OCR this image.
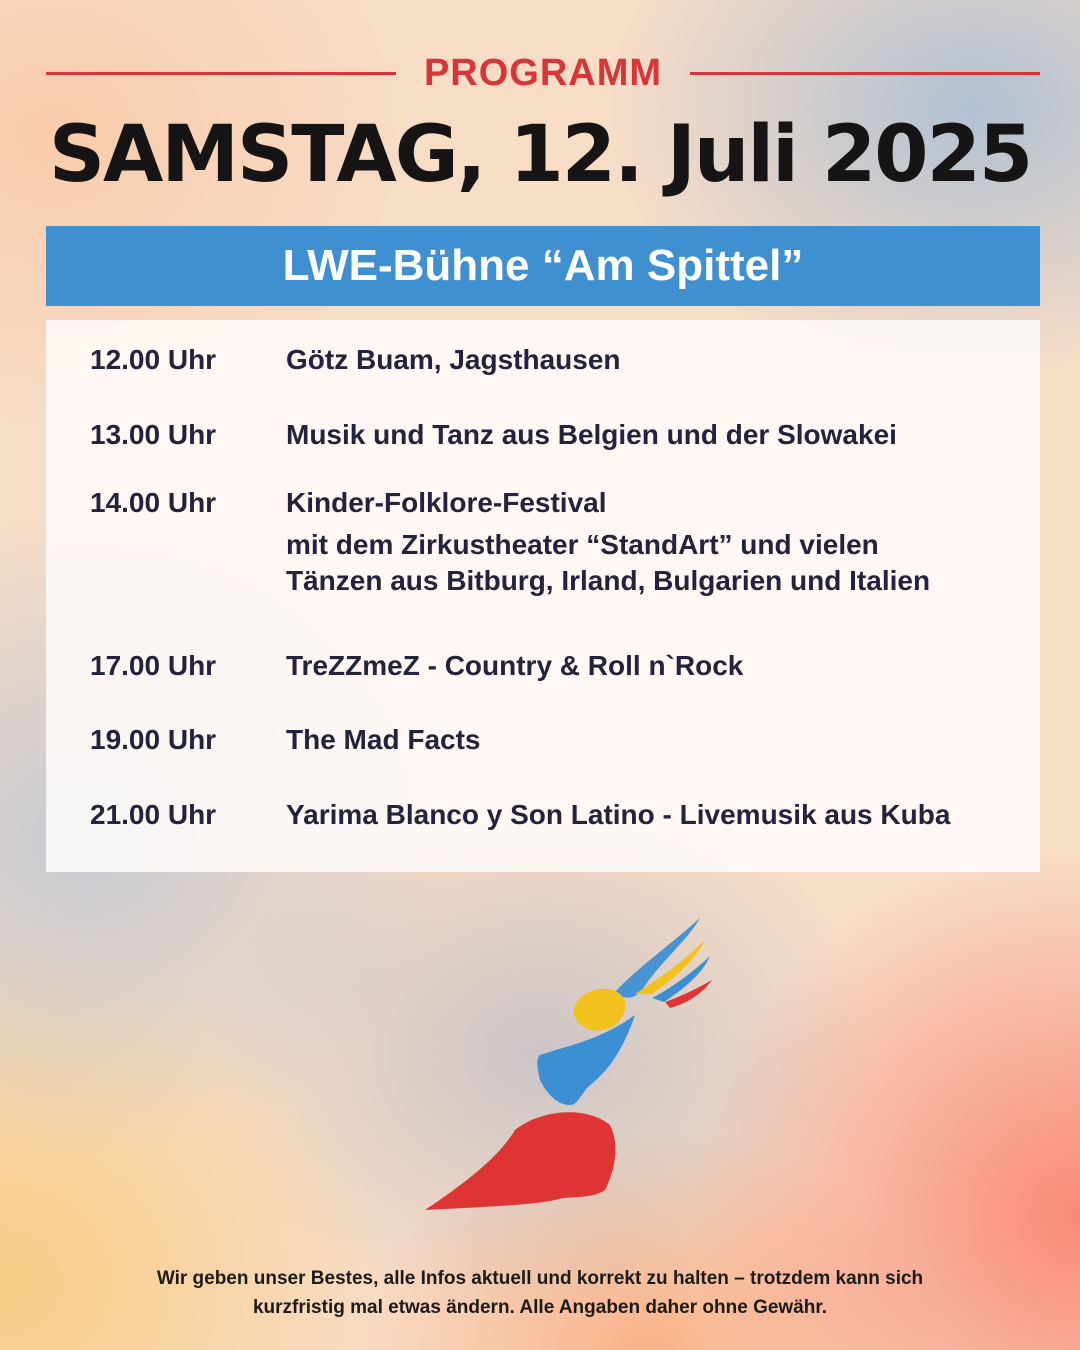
PROGRAMM
SAMSTAG, 12. Juli 2025
LWE-Bühne “Am Spittel”
12.00 Uhr Götz Buam, Jagsthausen
13.00 Uhr Musik und Tanz aus Belgien und der Slowakei
14.00 Uhr Kinder-Folklore-Festival
mit dem Zirkustheater “StandArt” und vielen
Tänzen aus Bitburg, Irland, Bulgarien und Italien
17.00 Uhr TreZZmeZ - Country & Roll n`Rock
19.00 Uhr The Mad Facts
21.00 Uhr Yarima Blanco y Son Latino - Livemusik aus Kuba
Wir geben unser Bestes, alle Infos aktuell und korrekt zu halten – trotzdem kann sich
kurzfristig mal etwas ändern. Alle Angaben daher ohne Gewähr.
